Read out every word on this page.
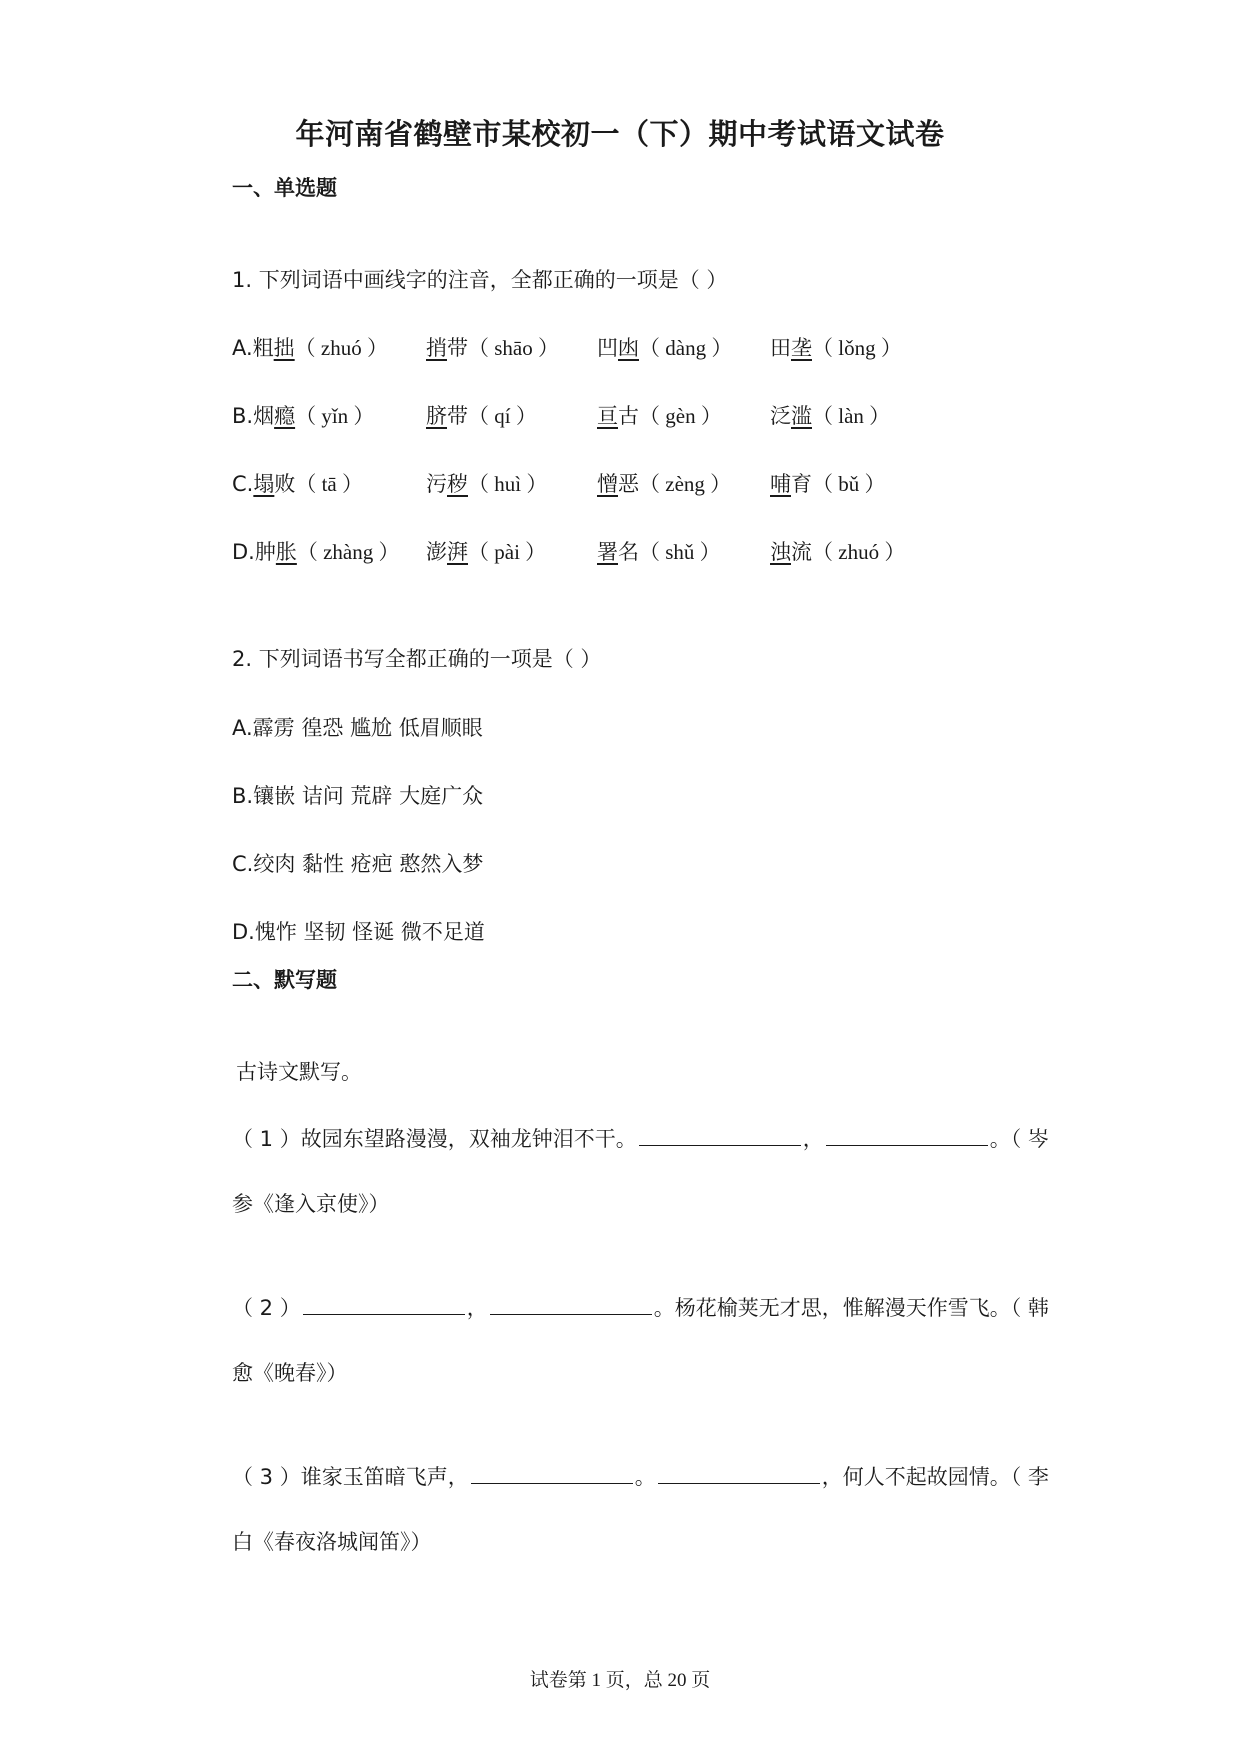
年河南省鹤壁市某校初一（下）期中考试语文试卷
一、单选题
1. 下列词语中画线字的注音，全都正确的一项是（ ）
A.粗拙（ zhuó ） 捎带（ shāo ） 凹凼（ dàng ） 田垄（ lǒng ）
B.烟瘾（ yǐn ） 脐带（ qí ）	亘古（ gèn ） 泛滥（ làn ）
C.塌败（ tā ）	污秽（ huì ） 憎恶（ zèng ） 哺育（ bǔ ）
D.肿胀（ zhàng ） 澎湃（ pài ） 署名（ shǔ ） 浊流（ zhuó ）
2. 下列词语书写全都正确的一项是（ ）
A.霹雳 徨恐 尴尬 低眉顺眼
B.镶嵌 诘问 荒辟 大庭广众
C.绞肉 黏性 疮疤 憨然入梦
D.愧怍 坚韧 怪诞 微不足道
二、默写题
古诗文默写。
（ 1 ）故园东望路漫漫，双袖龙钟泪不干。	，	。（ 岑
参《逢入京使》）
（ 2 ）	，	。杨花榆荚无才思，惟解漫天作雪飞。（ 韩
愈《晚春》）
（ 3 ）谁家玉笛暗飞声，	。	，何人不起故园情。（ 李
白《春夜洛城闻笛》）
试卷第 1 页，总 20 页
